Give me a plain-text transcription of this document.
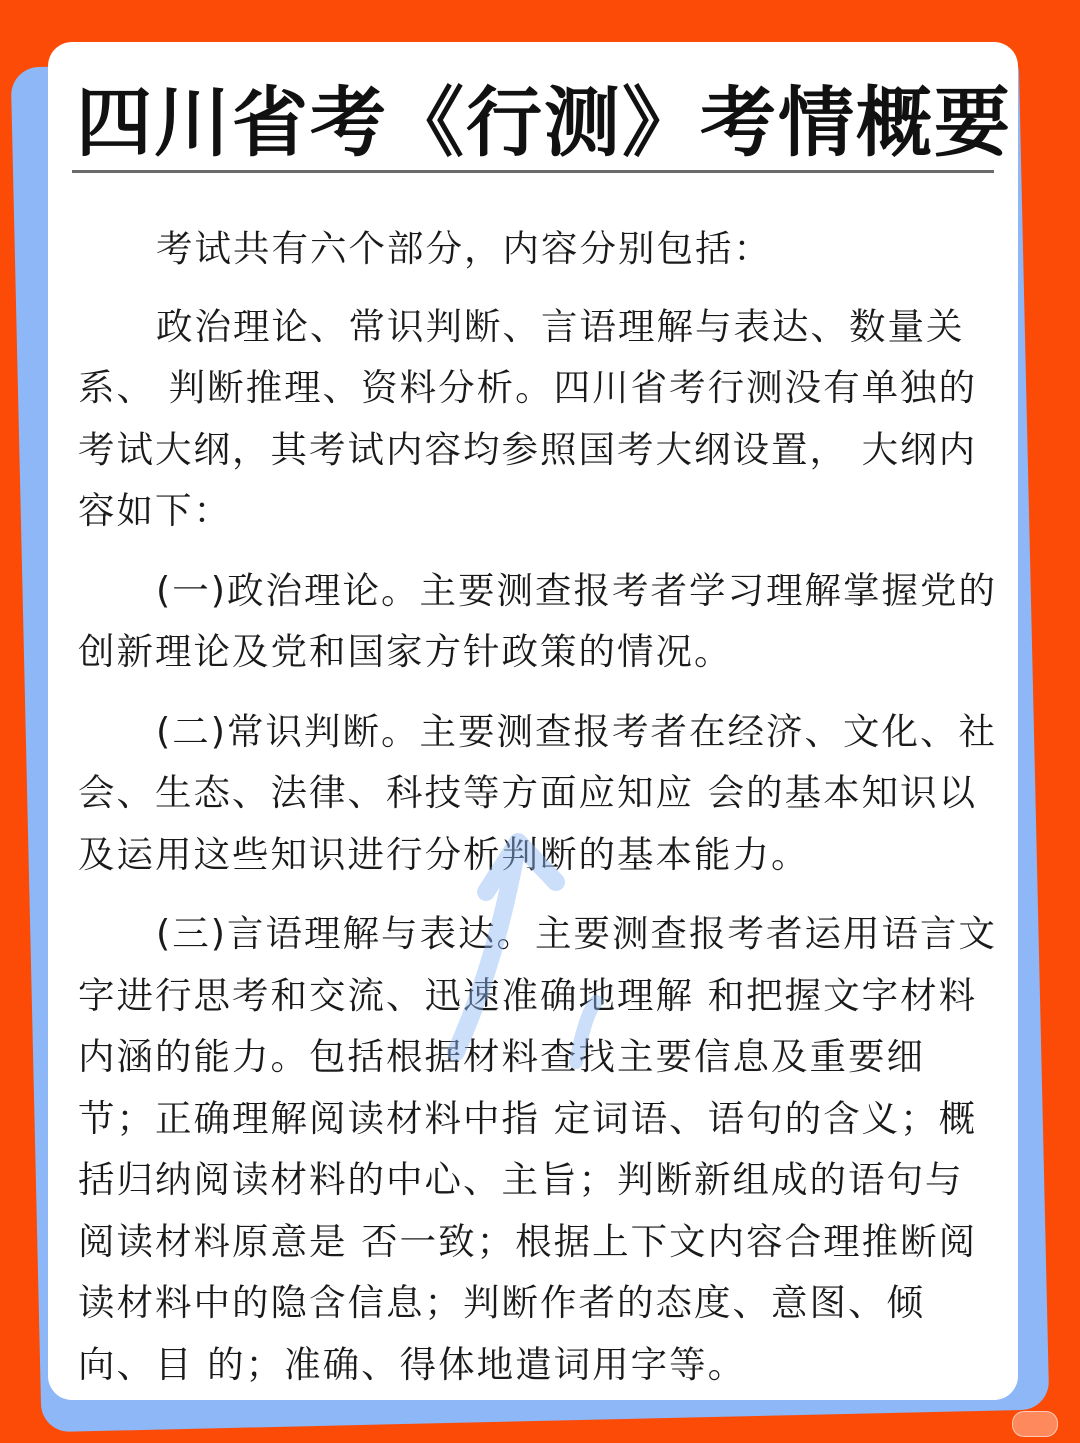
四川省考《行测》考情概要

考试共有六个部分，内容分别包括：

政治理论、常识判断、言语理解与表达、数量关系、 判断推理、资料分析。四川省考行测没有单独的考试大纲，其考试内容均参照国考大纲设置， 大纲内容如下：

(一)政治理论。主要测查报考者学习理解掌握党的创新理论及党和国家方针政策的情况。

(二)常识判断。主要测查报考者在经济、文化、社会、生态、法律、科技等方面应知应 会的基本知识以及运用这些知识进行分析判断的基本能力。

(三)言语理解与表达。主要测查报考者运用语言文字进行思考和交流、迅速准确地理解 和把握文字材料内涵的能力。包括根据材料查找主要信息及重要细节；正确理解阅读材料中指 定词语、语句的含义；概括归纳阅读材料的中心、主旨；判断新组成的语句与阅读材料原意是 否一致；根据上下文内容合理推断阅读材料中的隐含信息；判断作者的态度、意图、倾向、目 的；准确、得体地遣词用字等。
